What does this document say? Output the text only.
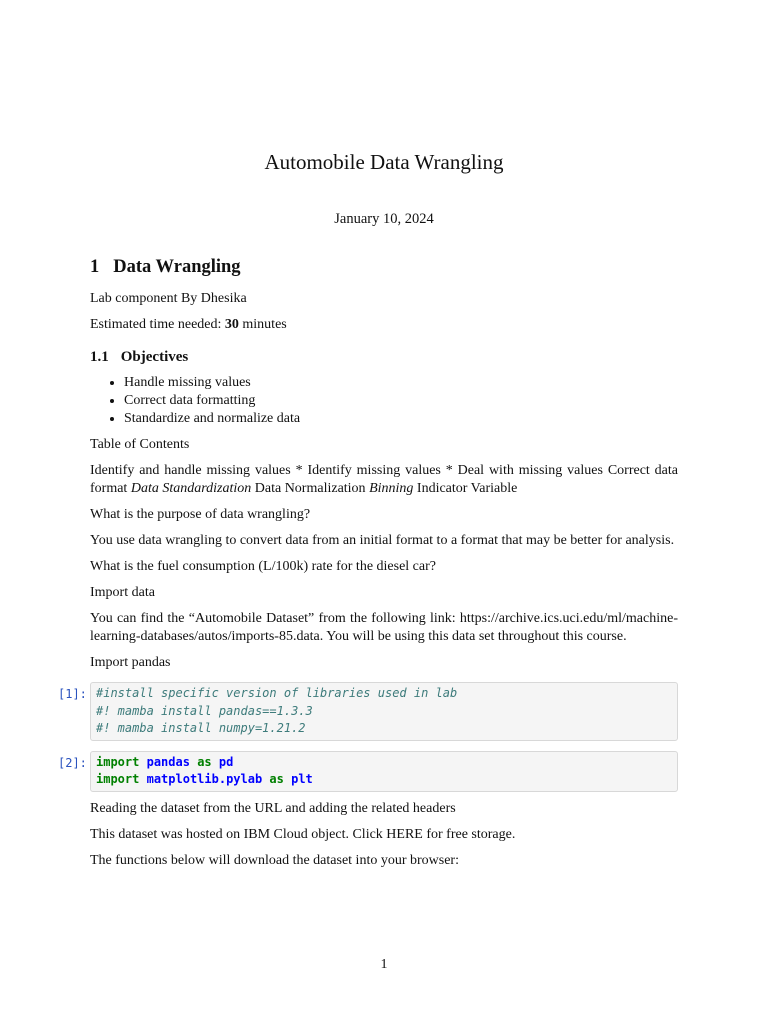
Automobile Data Wrangling
January 10, 2024
1 Data Wrangling

Lab component By Dhesika

Estimated time needed: 30 minutes

1.1 Objectives
• Handle missing values
• Correct data formatting
• Standardize and normalize data

Table of Contents

Identify and handle missing values * Identify missing values * Deal with missing values Correct data format Data Standardization Data Normalization Binning Indicator Variable

What is the purpose of data wrangling?

You use data wrangling to convert data from an initial format to a format that may be better for analysis.

What is the fuel consumption (L/100k) rate for the diesel car?

Import data

You can find the “Automobile Dataset” from the following link: https://archive.ics.uci.edu/ml/machine-learning-databases/autos/imports-85.data. You will be using this data set throughout this course.

Import pandas

[1]: #install specific version of libraries used in lab
#! mamba install pandas==1.3.3
#! mamba install numpy=1.21.2
[2]: import pandas as pd
import matplotlib.pylab as plt

Reading the dataset from the URL and adding the related headers

This dataset was hosted on IBM Cloud object. Click HERE for free storage.

The functions below will download the dataset into your browser:

1
